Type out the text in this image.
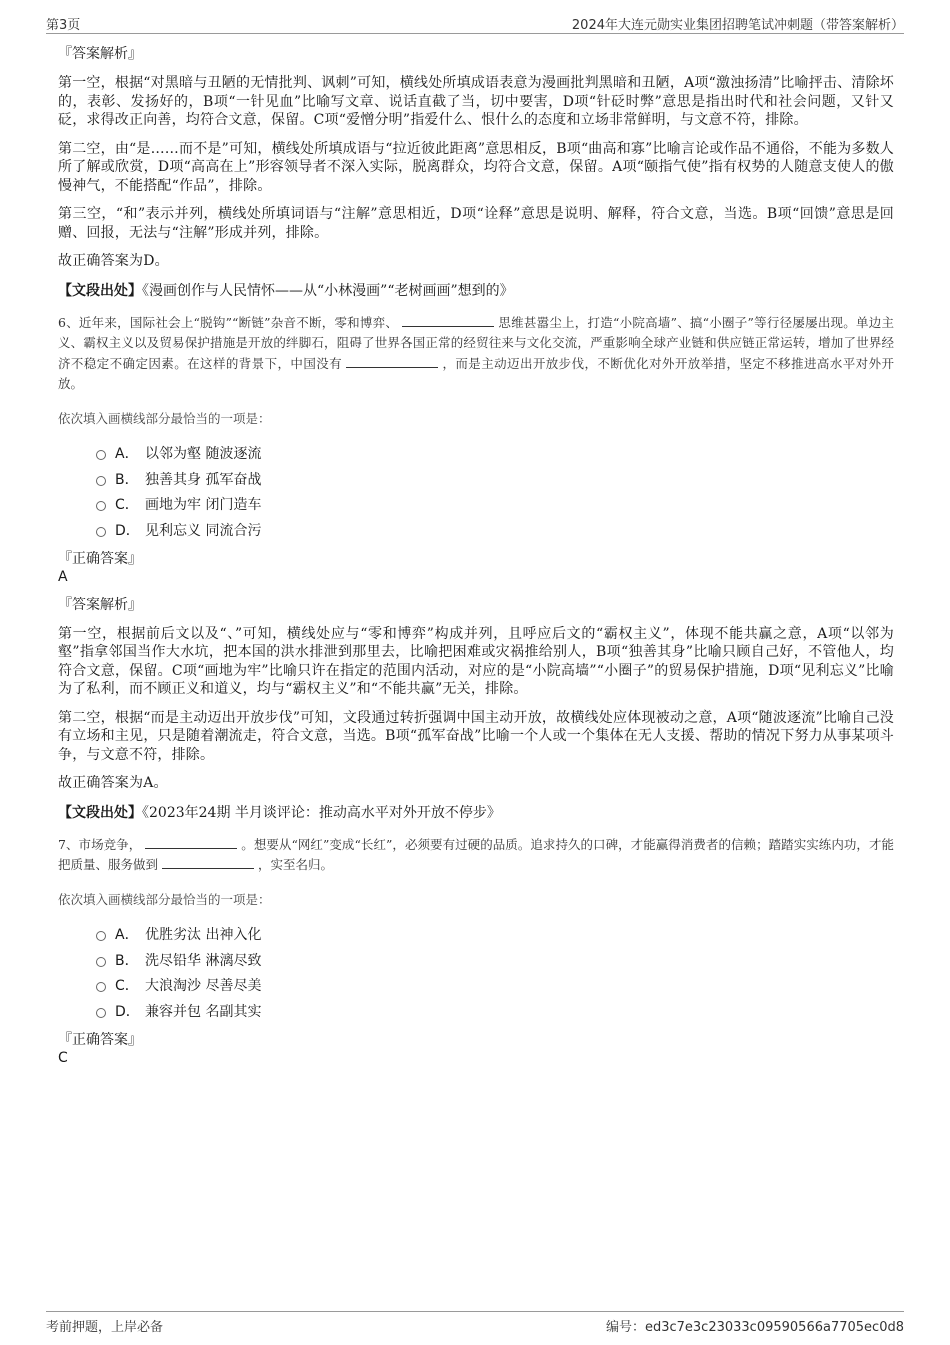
第3页	2024年大连元勋实业集团招聘笔试冲刺题（带答案解析）
『答案解析』

第一空，根据“对黑暗与丑陋的无情批判、讽刺”可知，横线处所填成语表意为漫画批判黑暗和丑陋，A项“激浊扬清”比喻抨击、清除坏的，表彰、发扬好的，B项“一针见血”比喻写文章、说话直截了当，切中要害，D项“针砭时弊”意思是指出时代和社会问题，又针又砭，求得改正向善，均符合文意，保留。C项“爱憎分明”指爱什么、恨什么的态度和立场非常鲜明，与文意不符，排除。

第二空，由“是……而不是”可知，横线处所填成语与“拉近彼此距离”意思相反，B项“曲高和寡”比喻言论或作品不通俗，不能为多数人所了解或欣赏，D项“高高在上”形容领导者不深入实际，脱离群众，均符合文意，保留。A项“颐指气使”指有权势的人随意支使人的傲慢神气，不能搭配“作品”，排除。

第三空，“和”表示并列，横线处所填词语与“注解”意思相近，D项“诠释”意思是说明、解释，符合文意，当选。B项“回馈”意思是回赠、回报，无法与“注解”形成并列，排除。

故正确答案为D。

【文段出处】《漫画创作与人民情怀——从“小林漫画”“老树画画”想到的》

6、近年来，国际社会上“脱钩”“断链”杂音不断，零和博弈、	思维甚嚣尘上，打造“小院高墙”、搞“小圈子”等行径屡屡出现。单边主义、霸权主义以及贸易保护措施是开放的绊脚石，阻碍了世界各国正常的经贸往来与文化交流，严重影响全球产业链和供应链正常运转，增加了世界经济不稳定不确定因素。在这样的背景下，中国没有	，而是主动迈出开放步伐，不断优化对外开放举措，坚定不移推进高水平对外开放。

依次填入画横线部分最恰当的一项是：
A． 以邻为壑 随波逐流
B． 独善其身 孤军奋战
C． 画地为牢 闭门造车
D． 见利忘义 同流合污
『正确答案』
A
『答案解析』

第一空，根据前后文以及“、”可知，横线处应与“零和博弈”构成并列，且呼应后文的“霸权主义”，体现不能共赢之意，A项“以邻为壑”指拿邻国当作大水坑，把本国的洪水排泄到那里去，比喻把困难或灾祸推给别人，B项“独善其身”比喻只顾自己好，不管他人，均符合文意，保留。C项“画地为牢”比喻只许在指定的范围内活动，对应的是“小院高墙”“小圈子”的贸易保护措施，D项“见利忘义”比喻为了私利，而不顾正义和道义，均与“霸权主义”和“不能共赢”无关，排除。

第二空，根据“而是主动迈出开放步伐”可知，文段通过转折强调中国主动开放，故横线处应体现被动之意，A项“随波逐流”比喻自己没有立场和主见，只是随着潮流走，符合文意，当选。B项“孤军奋战”比喻一个人或一个集体在无人支援、帮助的情况下努力从事某项斗争，与文意不符，排除。

故正确答案为A。

【文段出处】《2023年24期 半月谈评论：推动高水平对外开放不停步》

7、市场竞争，	。想要从“网红”变成“长红”，必须要有过硬的品质。追求持久的口碑，才能赢得消费者的信赖；踏踏实实练内功，才能把质量、服务做到	，实至名归。

依次填入画横线部分最恰当的一项是：
A． 优胜劣汰 出神入化
B． 洗尽铅华 淋漓尽致
C． 大浪淘沙 尽善尽美
D． 兼容并包 名副其实
『正确答案』
C
考前押题，上岸必备	编号：ed3c7e3c23033c09590566a7705ec0d8
